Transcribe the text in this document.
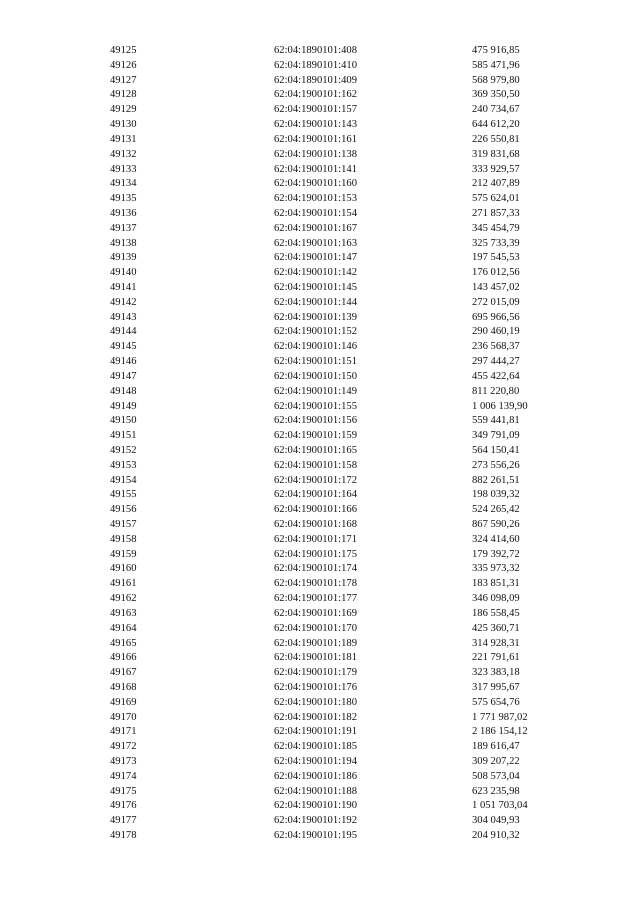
49125	62:04:1890101:408	475 916,85
49126	62:04:1890101:410	585 471,96
49127	62:04:1890101:409	568 979,80
49128	62:04:1900101:162	369 350,50
49129	62:04:1900101:157	240 734,67
49130	62:04:1900101:143	644 612,20
49131	62:04:1900101:161	226 550,81
49132	62:04:1900101:138	319 831,68
49133	62:04:1900101:141	333 929,57
49134	62:04:1900101:160	212 407,89
49135	62:04:1900101:153	575 624,01
49136	62:04:1900101:154	271 857,33
49137	62:04:1900101:167	345 454,79
49138	62:04:1900101:163	325 733,39
49139	62:04:1900101:147	197 545,53
49140	62:04:1900101:142	176 012,56
49141	62:04:1900101:145	143 457,02
49142	62:04:1900101:144	272 015,09
49143	62:04:1900101:139	695 966,56
49144	62:04:1900101:152	290 460,19
49145	62:04:1900101:146	236 568,37
49146	62:04:1900101:151	297 444,27
49147	62:04:1900101:150	455 422,64
49148	62:04:1900101:149	811 220,80
49149	62:04:1900101:155	1 006 139,90
49150	62:04:1900101:156	559 441,81
49151	62:04:1900101:159	349 791,09
49152	62:04:1900101:165	564 150,41
49153	62:04:1900101:158	273 556,26
49154	62:04:1900101:172	882 261,51
49155	62:04:1900101:164	198 039,32
49156	62:04:1900101:166	524 265,42
49157	62:04:1900101:168	867 590,26
49158	62:04:1900101:171	324 414,60
49159	62:04:1900101:175	179 392,72
49160	62:04:1900101:174	335 973,32
49161	62:04:1900101:178	183 851,31
49162	62:04:1900101:177	346 098,09
49163	62:04:1900101:169	186 558,45
49164	62:04:1900101:170	425 360,71
49165	62:04:1900101:189	314 928,31
49166	62:04:1900101:181	221 791,61
49167	62:04:1900101:179	323 383,18
49168	62:04:1900101:176	317 995,67
49169	62:04:1900101:180	575 654,76
49170	62:04:1900101:182	1 771 987,02
49171	62:04:1900101:191	2 186 154,12
49172	62:04:1900101:185	189 616,47
49173	62:04:1900101:194	309 207,22
49174	62:04:1900101:186	508 573,04
49175	62:04:1900101:188	623 235,98
49176	62:04:1900101:190	1 051 703,04
49177	62:04:1900101:192	304 049,93
49178	62:04:1900101:195	204 910,32
